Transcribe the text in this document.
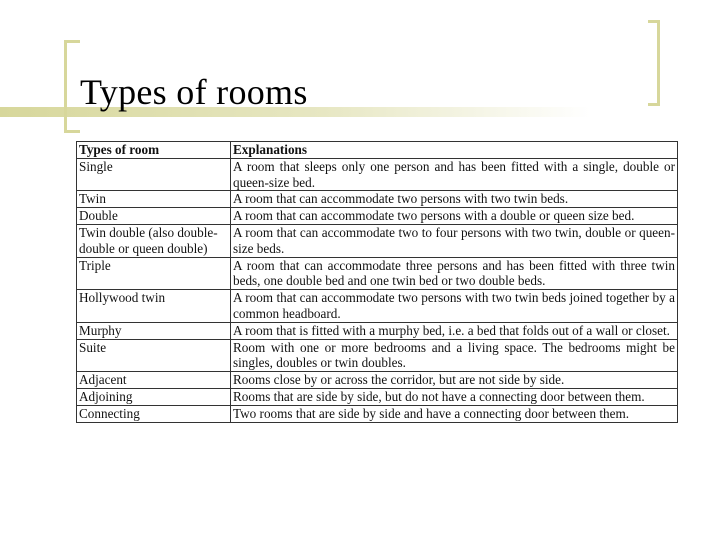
Types of rooms
Types of room	Explanations
Single	A room that sleeps only one person and has been fitted with a single, double or queen-size bed.
Twin	A room that can accommodate two persons with two twin beds.
Double	A room that can accommodate two persons with a double or queen size bed.
Twin double (also double-double or queen double)	A room that can accommodate two to four persons with two twin, double or queen-size beds.
Triple	A room that can accommodate three persons and has been fitted with three twin beds, one double bed and one twin bed or two double beds.
Hollywood twin	A room that can accommodate two persons with two twin beds joined together by a common headboard.
Murphy	A room that is fitted with a murphy bed, i.e. a bed that folds out of a wall or closet.
Suite	Room with one or more bedrooms and a living space. The bedrooms might be singles, doubles or twin doubles.
Adjacent	Rooms close by or across the corridor, but are not side by side.
Adjoining	Rooms that are side by side, but do not have a connecting door between them.
Connecting	Two rooms that are side by side and have a connecting door between them.
